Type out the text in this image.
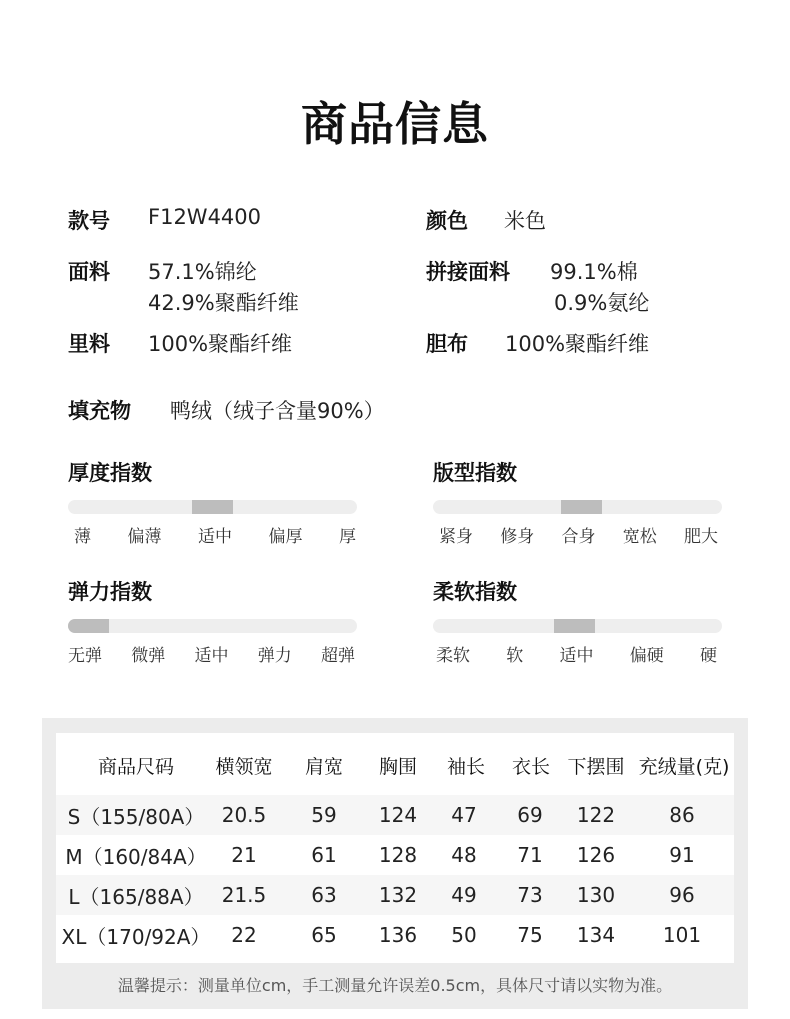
商品信息
款号 F12W4400	颜色 米色
面料 57.1%锦纶
42.9%聚酯纤维
拼接面料 99.1%棉
0.9%氨纶
里料 100%聚酯纤维	胆布 100%聚酯纤维
填充物 鸭绒（绒子含量90%）
厚度指数
薄 偏薄 适中 偏厚 厚
版型指数
紧身 修身 合身 宽松 肥大
弹力指数
无弹 微弹 适中 弹力 超弹
柔软指数
柔软 软 适中 偏硬 硬
商品尺码	横领宽	肩宽	胸围	袖长	衣长 下摆围 充绒量(克)
S（155/80A） 20.5	59	124	47	69	122	86
M（160/84A）	21	61	128	48	71	126	91
L（165/88A） 21.5	63	132	49	73	130	96
XL（170/92A）	22	65	136	50	75	134	101
温馨提示：测量单位cm，手工测量允许误差0.5cm，具体尺寸请以实物为准。
